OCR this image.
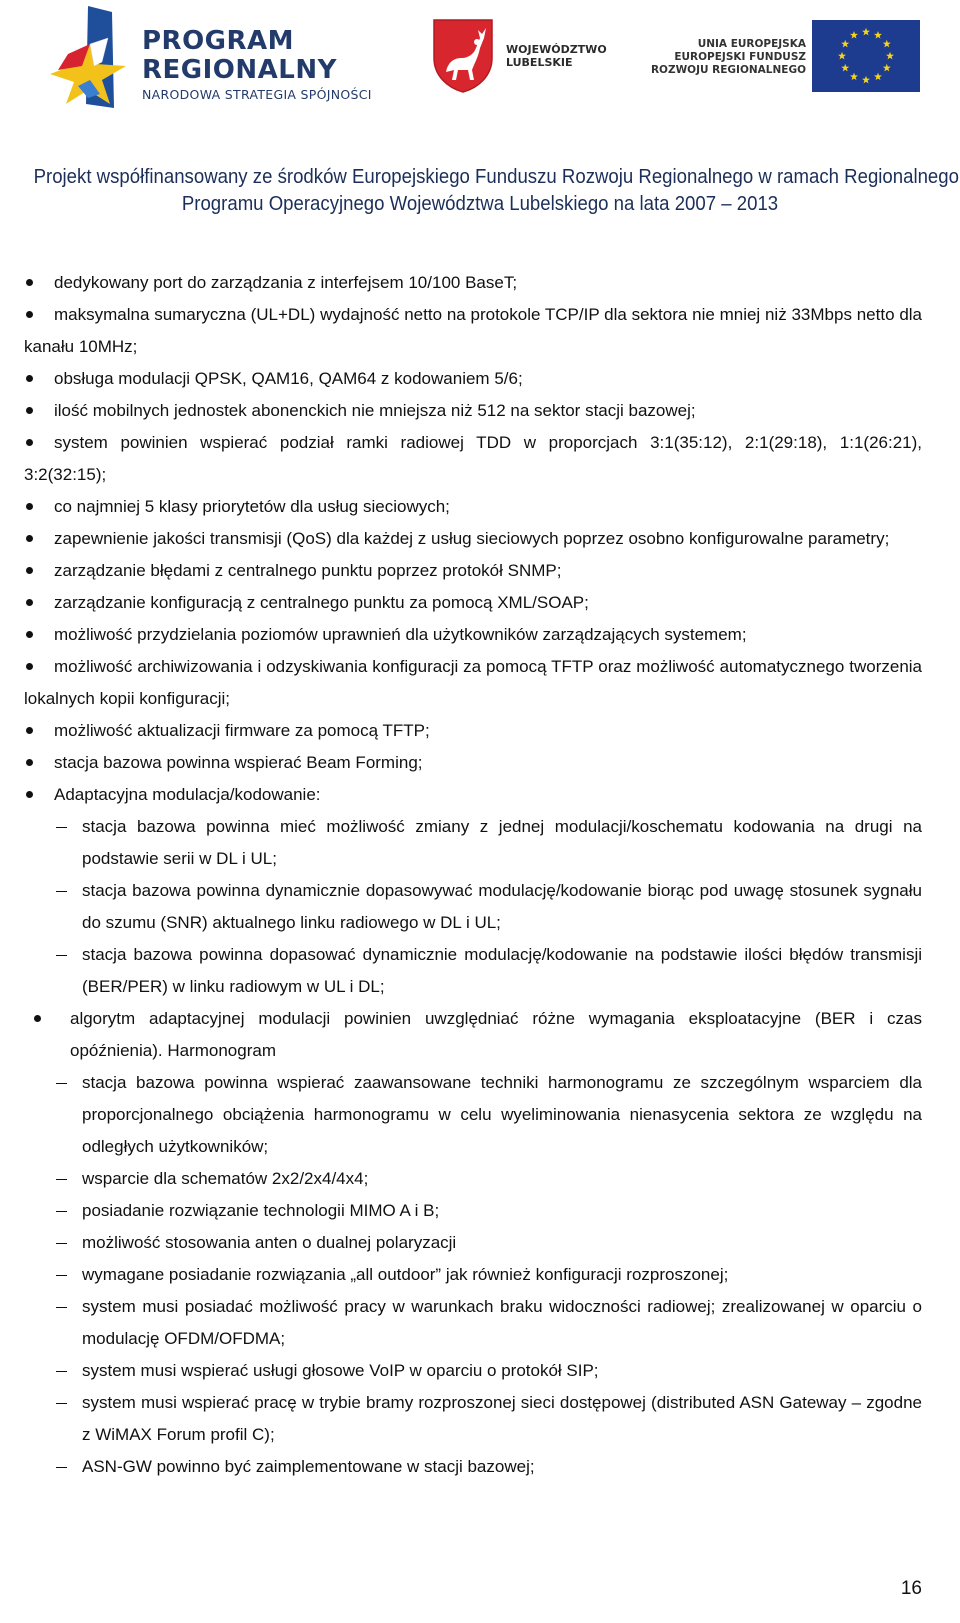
PROGRAM
REGIONALNY
NARODOWA STRATEGIA SPÓJNOŚCI
WOJEWÓDZTWO
LUBELSKIE
UNIA EUROPEJSKA
EUROPEJSKI FUNDUSZ
ROZWOJU REGIONALNEGO
Projekt współfinansowany ze środków Europejskiego Funduszu Rozwoju Regionalnego w ramach Regionalnego
Programu Operacyjnego Województwa Lubelskiego na lata 2007 – 2013
dedykowany port do zarządzania z interfejsem 10/100 BaseT;
maksymalna sumaryczna (UL+DL) wydajność netto na protokole TCP/IP dla sektora nie mniej niż 33Mbps netto dla kanału 10MHz;
obsługa modulacji QPSK, QAM16, QAM64 z kodowaniem 5/6;
ilość mobilnych jednostek abonenckich nie mniejsza niż 512 na sektor stacji bazowej;
system powinien wspierać podział ramki radiowej TDD w proporcjach 3:1(35:12), 2:1(29:18), 1:1(26:21), 3:2(32:15);
co najmniej 5 klasy priorytetów dla usług sieciowych;
zapewnienie jakości transmisji (QoS) dla każdej z usług sieciowych poprzez osobno konfigurowalne parametry;
zarządzanie błędami z centralnego punktu poprzez protokół SNMP;
zarządzanie konfiguracją z centralnego punktu za pomocą XML/SOAP;
możliwość przydzielania poziomów uprawnień dla użytkowników zarządzających systemem;
możliwość archiwizowania i odzyskiwania konfiguracji za pomocą TFTP oraz możliwość automatycznego tworzenia lokalnych kopii konfiguracji;
możliwość aktualizacji firmware za pomocą TFTP;
stacja bazowa powinna wspierać Beam Forming;
Adaptacyjna modulacja/kodowanie:
stacja bazowa powinna mieć możliwość zmiany z jednej modulacji/koschematu kodowania na drugi na podstawie serii w DL i UL;
stacja bazowa powinna dynamicznie dopasowywać modulację/kodowanie biorąc pod uwagę stosunek sygnału do szumu (SNR) aktualnego linku radiowego w DL i UL;
stacja bazowa powinna dopasować dynamicznie modulację/kodowanie na podstawie ilości błędów transmisji (BER/PER) w linku radiowym w UL i DL;
algorytm adaptacyjnej modulacji powinien uwzględniać różne wymagania eksploatacyjne (BER i czas opóźnienia). Harmonogram
stacja bazowa powinna wspierać zaawansowane techniki harmonogramu ze szczególnym wsparciem dla proporcjonalnego obciążenia harmonogramu w celu wyeliminowania nienasycenia sektora ze względu na odległych użytkowników;
wsparcie dla schematów 2x2/2x4/4x4;
posiadanie rozwiązanie technologii MIMO A i B;
możliwość stosowania anten o dualnej polaryzacji
wymagane posiadanie rozwiązania „all outdoor” jak również konfiguracji rozproszonej;
system musi posiadać możliwość pracy w warunkach braku widoczności radiowej; zrealizowanej w oparciu o modulację OFDM/OFDMA;
system musi wspierać usługi głosowe VoIP w oparciu o protokół SIP;
system musi wspierać pracę w trybie bramy rozproszonej sieci dostępowej (distributed ASN Gateway – zgodne z WiMAX Forum profil C);
ASN-GW powinno być zaimplementowane w stacji bazowej;
16
